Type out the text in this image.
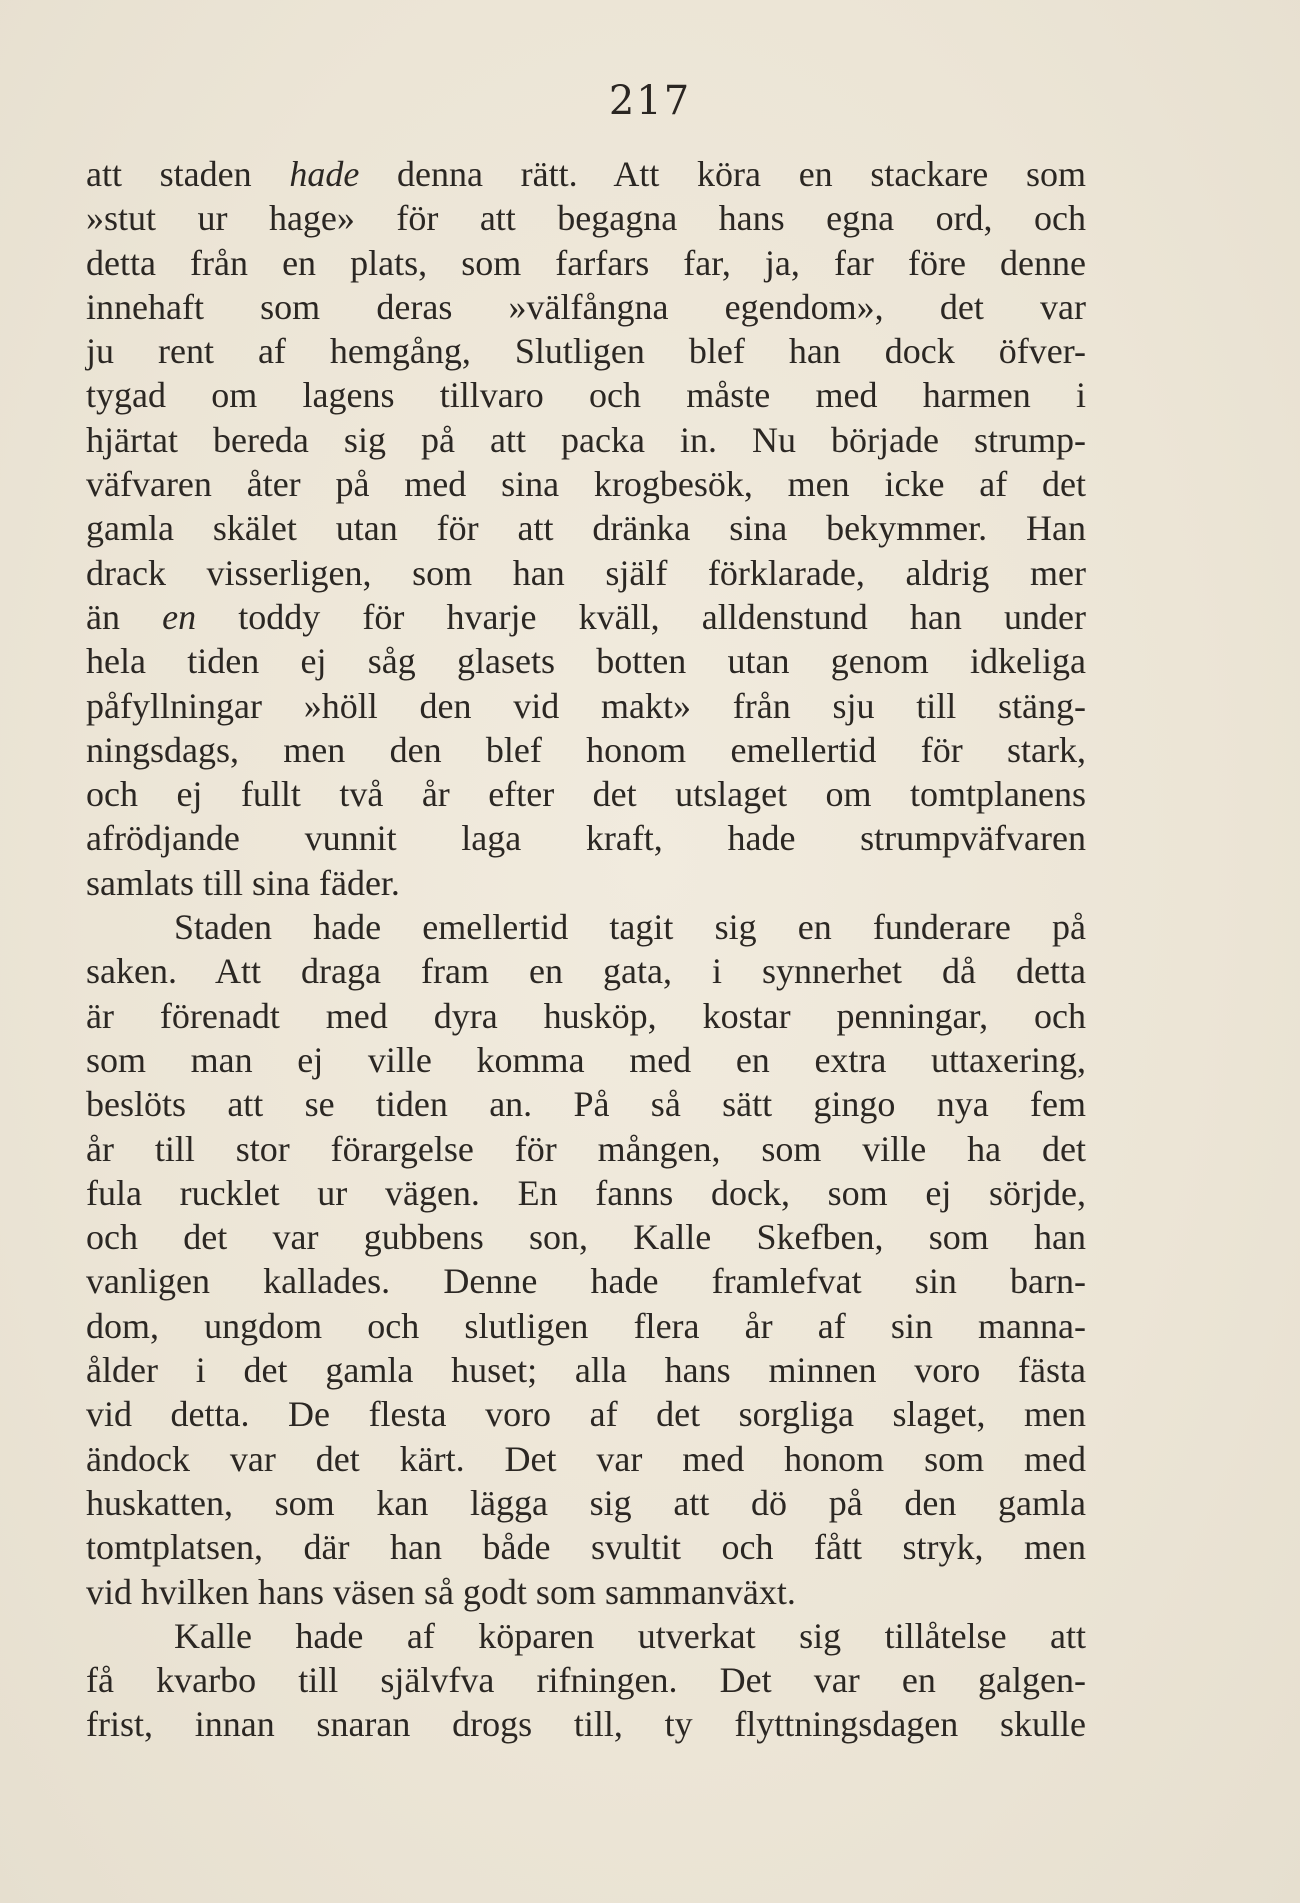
217
att staden hade denna rätt. Att köra en stackare som
»stut ur hage» för att begagna hans egna ord, och
detta från en plats, som farfars far, ja, far före denne
innehaft som deras »välfångna egendom», det var
ju rent af hemgång, Slutligen blef han dock öfver-
tygad om lagens tillvaro och måste med harmen i
hjärtat bereda sig på att packa in. Nu började strump-
väfvaren åter på med sina krogbesök, men icke af det
gamla skälet utan för att dränka sina bekymmer. Han
drack visserligen, som han själf förklarade, aldrig mer
än en toddy för hvarje kväll, alldenstund han under
hela tiden ej såg glasets botten utan genom idkeliga
påfyllningar »höll den vid makt» från sju till stäng-
ningsdags, men den blef honom emellertid för stark,
och ej fullt två år efter det utslaget om tomtplanens
afrödjande vunnit laga kraft, hade strumpväfvaren
samlats till sina fäder.
Staden hade emellertid tagit sig en funderare på
saken. Att draga fram en gata, i synnerhet då detta
är förenadt med dyra husköp, kostar penningar, och
som man ej ville komma med en extra uttaxering,
beslöts att se tiden an. På så sätt gingo nya fem
år till stor förargelse för mången, som ville ha det
fula rucklet ur vägen. En fanns dock, som ej sörjde,
och det var gubbens son, Kalle Skefben, som han
vanligen kallades. Denne hade framlefvat sin barn-
dom, ungdom och slutligen flera år af sin manna-
ålder i det gamla huset; alla hans minnen voro fästa
vid detta. De flesta voro af det sorgliga slaget, men
ändock var det kärt. Det var med honom som med
huskatten, som kan lägga sig att dö på den gamla
tomtplatsen, där han både svultit och fått stryk, men
vid hvilken hans väsen så godt som sammanväxt.
Kalle hade af köparen utverkat sig tillåtelse att
få kvarbo till självfva rifningen. Det var en galgen-
frist, innan snaran drogs till, ty flyttningsdagen skulle
